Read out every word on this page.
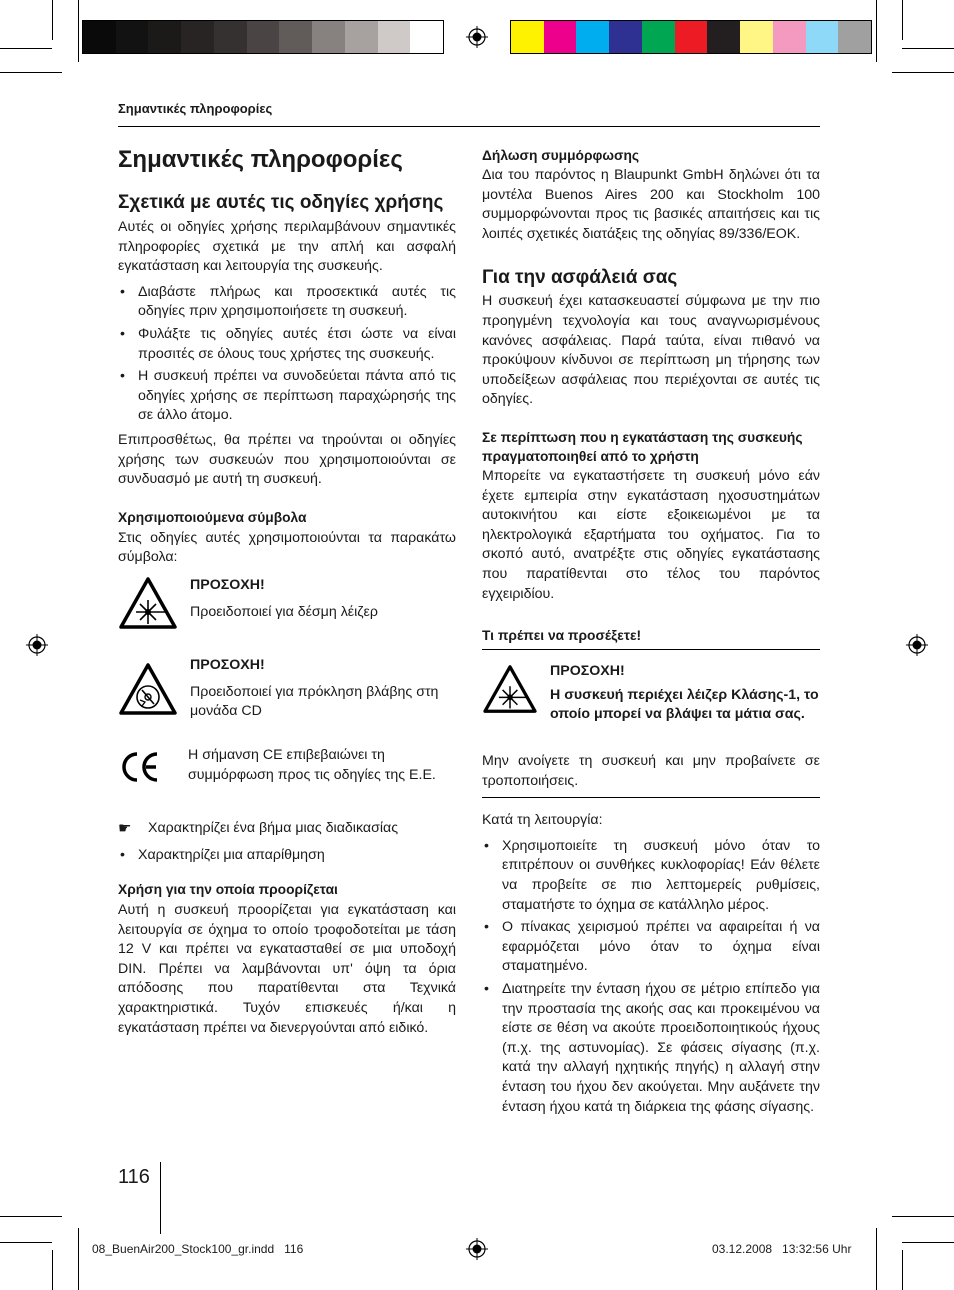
Σημαντικές πληροφορίες
Σημαντικές πληροφορίες
Σχετικά με αυτές τις οδηγίες χρήσης

Αυτές οι οδηγίες χρήσης περιλαμβάνουν σημαντικές πληροφορίες σχετικά με την απλή και ασφαλή εγκατάσταση και λειτουργία της συσκευής.

• Διαβάστε πλήρως και προσεκτικά αυτές τις οδηγίες πριν χρησιμοποιήσετε τη συσκευή.
• Φυλάξτε τις οδηγίες αυτές έτσι ώστε να είναι προσιτές σε όλους τους χρήστες της συσκευής.
• Η συσκευή πρέπει να συνοδεύεται πάντα από τις οδηγίες χρήσης σε περίπτωση παραχώρησής της σε άλλο άτομο.

Επιπροσθέτως, θα πρέπει να τηρούνται οι οδηγίες χρήσης των συσκευών που χρησιμοποιούνται σε συνδυασμό με αυτή τη συσκευή.

Χρησιμοποιούμενα σύμβολα

Στις οδηγίες αυτές χρησιμοποιούνται τα παρακάτω σύμβολα:

ΠΡΟΣΟΧΗ!
Προειδοποιεί για δέσμη λέιζερ
ΠΡΟΣΟΧΗ!
Προειδοποιεί για πρόκληση βλάβης στη μονάδα CD
Η σήμανση CE επιβεβαιώνει τη συμμόρφωση προς τις οδηγίες της Ε.Ε.
☛ Χαρακτηρίζει ένα βήμα μιας διαδικασίας
• Χαρακτηρίζει μια απαρίθμηση
Χρήση για την οποία προορίζεται

Αυτή η συσκευή προορίζεται για εγκατάσταση και λειτουργία σε όχημα το οποίο τροφοδοτείται με τάση 12 V και πρέπει να εγκατασταθεί σε μια υποδοχή DIN. Πρέπει να λαμβάνονται υπ' όψη τα όρια απόδοσης που παρατίθενται στα Τεχνικά χαρακτηριστικά. Τυχόν επισκευές ή/και η εγκατάσταση πρέπει να διενεργούνται από ειδικό.

Δήλωση συμμόρφωσης

Δια του παρόντος η Blaupunkt GmbH δηλώνει ότι τα μοντέλα Buenos Aires 200 και Stockholm 100 συμμορφώνονται προς τις βασικές απαιτήσεις και τις λοιπές σχετικές διατάξεις της οδηγίας 89/336/ΕΟΚ.

Για την ασφάλειά σας

Η συσκευή έχει κατασκευαστεί σύμφωνα με την πιο προηγμένη τεχνολογία και τους αναγνωρισμένους κανόνες ασφάλειας. Παρά ταύτα, είναι πιθανό να προκύψουν κίνδυνοι σε περίπτωση μη τήρησης των υποδείξεων ασφάλειας που περιέχονται σε αυτές τις οδηγίες.

Σε περίπτωση που η εγκατάσταση της συσκευής πραγματοποιηθεί από το χρήστη

Μπορείτε να εγκαταστήσετε τη συσκευή μόνο εάν έχετε εμπειρία στην εγκατάσταση ηχοσυστημάτων αυτοκινήτου και είστε εξοικειωμένοι με τα ηλεκτρολογικά εξαρτήματα του οχήματος. Για το σκοπό αυτό, ανατρέξτε στις οδηγίες εγκατάστασης που παρατίθενται στο τέλος του παρόντος εγχειριδίου.

Τι πρέπει να προσέξετε!
ΠΡΟΣΟΧΗ!
Η συσκευή περιέχει λέιζερ Κλάσης-1, το οποίο μπορεί να βλάψει τα μάτια σας.

Μην ανοίγετε τη συσκευή και μην προβαίνετε σε τροποποιήσεις.

Κατά τη λειτουργία:

• Χρησιμοποιείτε τη συσκευή μόνο όταν το επιτρέπουν οι συνθήκες κυκλοφορίας! Εάν θέλετε να προβείτε σε πιο λεπτομερείς ρυθμίσεις, σταματήστε το όχημα σε κατάλληλο μέρος.
• Ο πίνακας χειρισμού πρέπει να αφαιρείται ή να εφαρμόζεται μόνο όταν το όχημα είναι σταματημένο.
• Διατηρείτε την ένταση ήχου σε μέτριο επίπεδο για την προστασία της ακοής σας και προκειμένου να είστε σε θέση να ακούτε προειδοποιητικούς ήχους (π.χ. της αστυνομίας). Σε φάσεις σίγασης (π.χ. κατά την αλλαγή ηχητικής πηγής) η αλλαγή στην ένταση του ήχου δεν ακούγεται. Μην αυξάνετε την ένταση ήχου κατά τη διάρκεια της φάσης σίγασης.
116
08_BuenAir200_Stock100_gr.indd   116	03.12.2008   13:32:56 Uhr
